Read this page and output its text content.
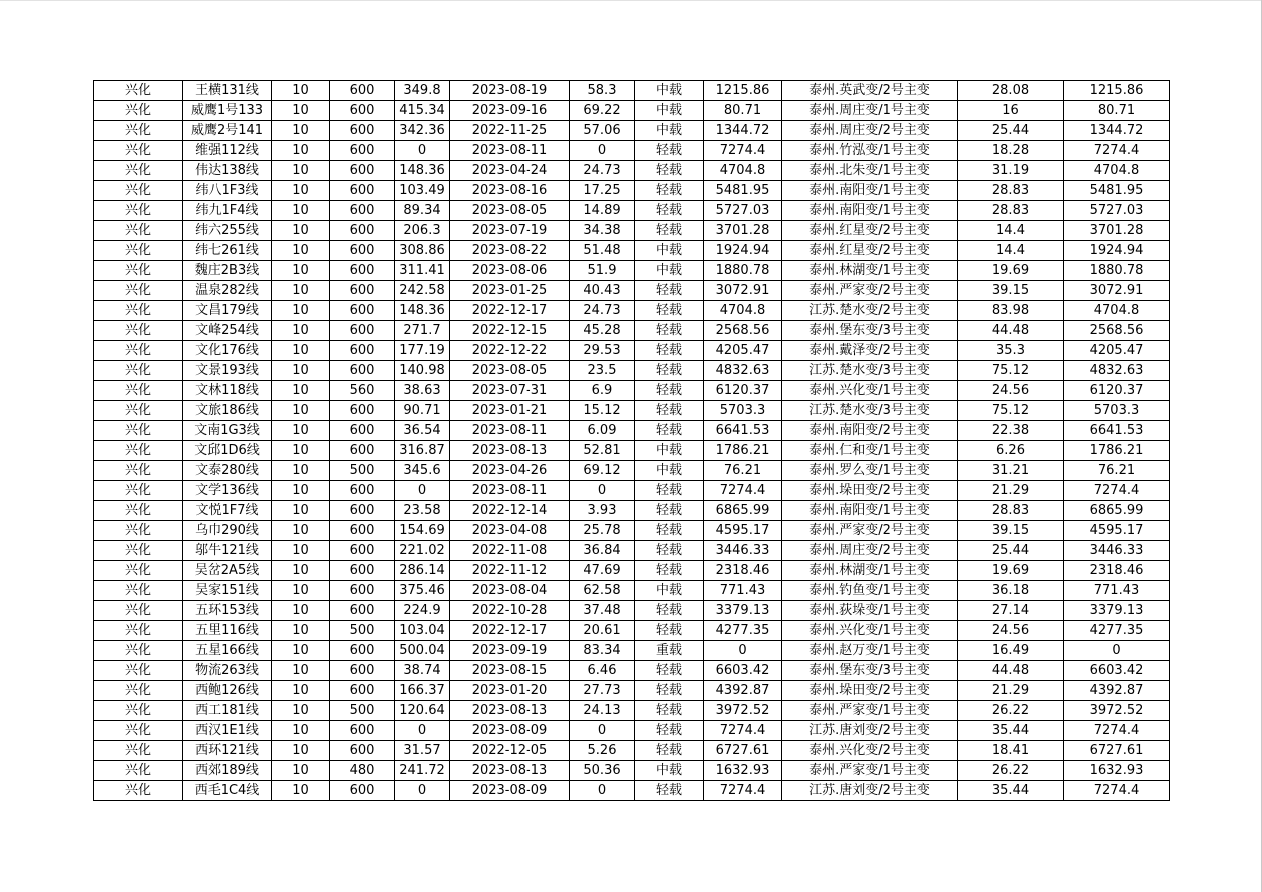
兴化	王横131线	10	600	349.8	2023-08-19	58.3	中载	1215.86	泰州.英武变/2号主变	28.08	1215.86
兴化	威鹰1号133	10	600	415.34	2023-09-16	69.22	中载	80.71	泰州.周庄变/1号主变	16	80.71
兴化	威鹰2号141	10	600	342.36	2022-11-25	57.06	中载	1344.72	泰州.周庄变/2号主变	25.44	1344.72
兴化	维强112线	10	600	0	2023-08-11	0	轻载	7274.4	泰州.竹泓变/1号主变	18.28	7274.4
兴化	伟达138线	10	600	148.36	2023-04-24	24.73	轻载	4704.8	泰州.北朱变/1号主变	31.19	4704.8
兴化	纬八1F3线	10	600	103.49	2023-08-16	17.25	轻载	5481.95	泰州.南阳变/1号主变	28.83	5481.95
兴化	纬九1F4线	10	600	89.34	2023-08-05	14.89	轻载	5727.03	泰州.南阳变/1号主变	28.83	5727.03
兴化	纬六255线	10	600	206.3	2023-07-19	34.38	轻载	3701.28	泰州.红星变/2号主变	14.4	3701.28
兴化	纬七261线	10	600	308.86	2023-08-22	51.48	中载	1924.94	泰州.红星变/2号主变	14.4	1924.94
兴化	魏庄2B3线	10	600	311.41	2023-08-06	51.9	中载	1880.78	泰州.林湖变/1号主变	19.69	1880.78
兴化	温泉282线	10	600	242.58	2023-01-25	40.43	轻载	3072.91	泰州.严家变/2号主变	39.15	3072.91
兴化	文昌179线	10	600	148.36	2022-12-17	24.73	轻载	4704.8	江苏.楚水变/2号主变	83.98	4704.8
兴化	文峰254线	10	600	271.7	2022-12-15	45.28	轻载	2568.56	泰州.堡东变/3号主变	44.48	2568.56
兴化	文化176线	10	600	177.19	2022-12-22	29.53	轻载	4205.47	泰州.戴泽变/2号主变	35.3	4205.47
兴化	文景193线	10	600	140.98	2023-08-05	23.5	轻载	4832.63	江苏.楚水变/3号主变	75.12	4832.63
兴化	文林118线	10	560	38.63	2023-07-31	6.9	轻载	6120.37	泰州.兴化变/1号主变	24.56	6120.37
兴化	文旅186线	10	600	90.71	2023-01-21	15.12	轻载	5703.3	江苏.楚水变/3号主变	75.12	5703.3
兴化	文南1G3线	10	600	36.54	2023-08-11	6.09	轻载	6641.53	泰州.南阳变/2号主变	22.38	6641.53
兴化	文邱1D6线	10	600	316.87	2023-08-13	52.81	中载	1786.21	泰州.仁和变/1号主变	6.26	1786.21
兴化	文泰280线	10	500	345.6	2023-04-26	69.12	中载	76.21	泰州.罗么变/1号主变	31.21	76.21
兴化	文学136线	10	600	0	2023-08-11	0	轻载	7274.4	泰州.垛田变/2号主变	21.29	7274.4
兴化	文悦1F7线	10	600	23.58	2022-12-14	3.93	轻载	6865.99	泰州.南阳变/1号主变	28.83	6865.99
兴化	乌巾290线	10	600	154.69	2023-04-08	25.78	轻载	4595.17	泰州.严家变/2号主变	39.15	4595.17
兴化	邬牛121线	10	600	221.02	2022-11-08	36.84	轻载	3446.33	泰州.周庄变/2号主变	25.44	3446.33
兴化	吴岔2A5线	10	600	286.14	2022-11-12	47.69	轻载	2318.46	泰州.林湖变/1号主变	19.69	2318.46
兴化	吴家151线	10	600	375.46	2023-08-04	62.58	中载	771.43	泰州.钓鱼变/1号主变	36.18	771.43
兴化	五环153线	10	600	224.9	2022-10-28	37.48	轻载	3379.13	泰州.荻垛变/1号主变	27.14	3379.13
兴化	五里116线	10	500	103.04	2022-12-17	20.61	轻载	4277.35	泰州.兴化变/1号主变	24.56	4277.35
兴化	五星166线	10	600	500.04	2023-09-19	83.34	重载	0	泰州.赵万变/1号主变	16.49	0
兴化	物流263线	10	600	38.74	2023-08-15	6.46	轻载	6603.42	泰州.堡东变/3号主变	44.48	6603.42
兴化	西鲍126线	10	600	166.37	2023-01-20	27.73	轻载	4392.87	泰州.垛田变/2号主变	21.29	4392.87
兴化	西工181线	10	500	120.64	2023-08-13	24.13	轻载	3972.52	泰州.严家变/1号主变	26.22	3972.52
兴化	西汉1E1线	10	600	0	2023-08-09	0	轻载	7274.4	江苏.唐刘变/2号主变	35.44	7274.4
兴化	西环121线	10	600	31.57	2022-12-05	5.26	轻载	6727.61	泰州.兴化变/2号主变	18.41	6727.61
兴化	西郊189线	10	480	241.72	2023-08-13	50.36	中载	1632.93	泰州.严家变/1号主变	26.22	1632.93
兴化	西毛1C4线	10	600	0	2023-08-09	0	轻载	7274.4	江苏.唐刘变/2号主变	35.44	7274.4
